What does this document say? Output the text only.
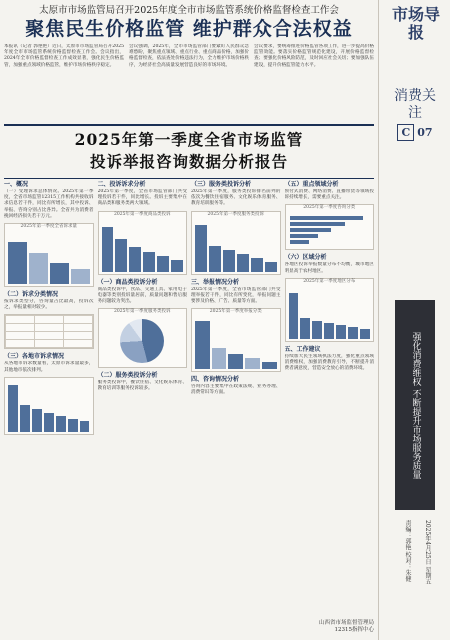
太原市市场监管局召开2025年度全市市场监管系统价格监督检查工作会
聚焦民生价格监管 维护群众合法权益
本报讯（记者 郭艳艳）近日，太原市市场监管局召开2025年度全市市场监管系统价格监督检查工作会。会议指出，2024年全市价格监督检查工作成效显著，强化民生价格监管，加强重点领域价格监管，维护市场价格秩序稳定。
会议强调，2025年，全市市场监管部门要紧盯人民群众急难愁盼，聚焦重点领域、重点行业、重点商品价格，加强价格监督检查，依法查处价格违法行为，全力维护市场价格秩序，为经济社会高质量发展营造良好的市场环境。
会议要求，要统筹推进价格监管各项工作，进一步提高价格监管效能。要落实价格监管规范化建设，开展价格监督检查；要强化价格风险防范，及时回应社会关切；要加强队伍建设，提升价格监管能力水平。
2025年第一季度全省市场监管
投诉举报咨询数据分析报告
一、概况
（一）受理诉求总体情况。2025年第一季度，全省市场监管12315工作机构共接收诉求信息若干件，同比有所增长，其中投诉、举报、咨询分别占比各异。全省共为消费者挽回经济损失若干万元。
2025年第一季度全省诉求量
（二）诉求分类情况
按诉求类型分，咨询量占比最高，投诉次之，举报量相对较少。

（三）各地市诉求情况
从各地市诉求数量看，太原市诉求量最多，其他地市依次排列。
二、投诉诉求分析
2025年第一季度，全省市场监管部门共受理投诉若干件，同比增长。投诉主要集中在商品类和服务类两大领域。
2025年第一季度商品类投诉
（一）商品类投诉分析
商品类投诉中，食品、交通工具、家用电子电器等类别投诉量居前，质量问题和售后服务问题较为突出。
2025年第一季度服务类投诉
（二）服务类投诉分析
服务类投诉中，餐饮住宿、文化娱乐体育、教育培训等服务投诉较多。
（三）服务类投诉分析
2025年第一季度，服务类投诉排名前列的依次为餐饮住宿服务、文化娱乐体育服务、教育培训服务等。
2025年第一季度服务类投诉
三、举报情况分析
2025年第一季度，全省市场监管部门共受理举报若干件，同比有所变化，举报问题主要涉及价格、广告、质量等方面。
2025年第一季度举报分类
四、咨询情况分析
咨询内容主要集中在政策法规、业务办理、消费常识等方面。
（五）重点领域分析
预付式消费、网络消费、直播带货等领域投诉持续增长，需要重点关注。
2025年第一季度咨询分类
（六）区域分析
各地区投诉举报数量分布不均衡，城市地区明显高于农村地区。
2025年第一季度地区分布
五、工作建议
持续加大民生领域执法力度，强化重点领域消费维权，加强消费教育引导，不断提升消费者满意度，营造安全放心的消费环境。
山西省市场监督管理局
12315指挥中心
市场导报
消费关注
C 07
强化消费维权 不断提升市场服务质量
责编：郭艳 校对：朱健 2025年4月25日 星期五
